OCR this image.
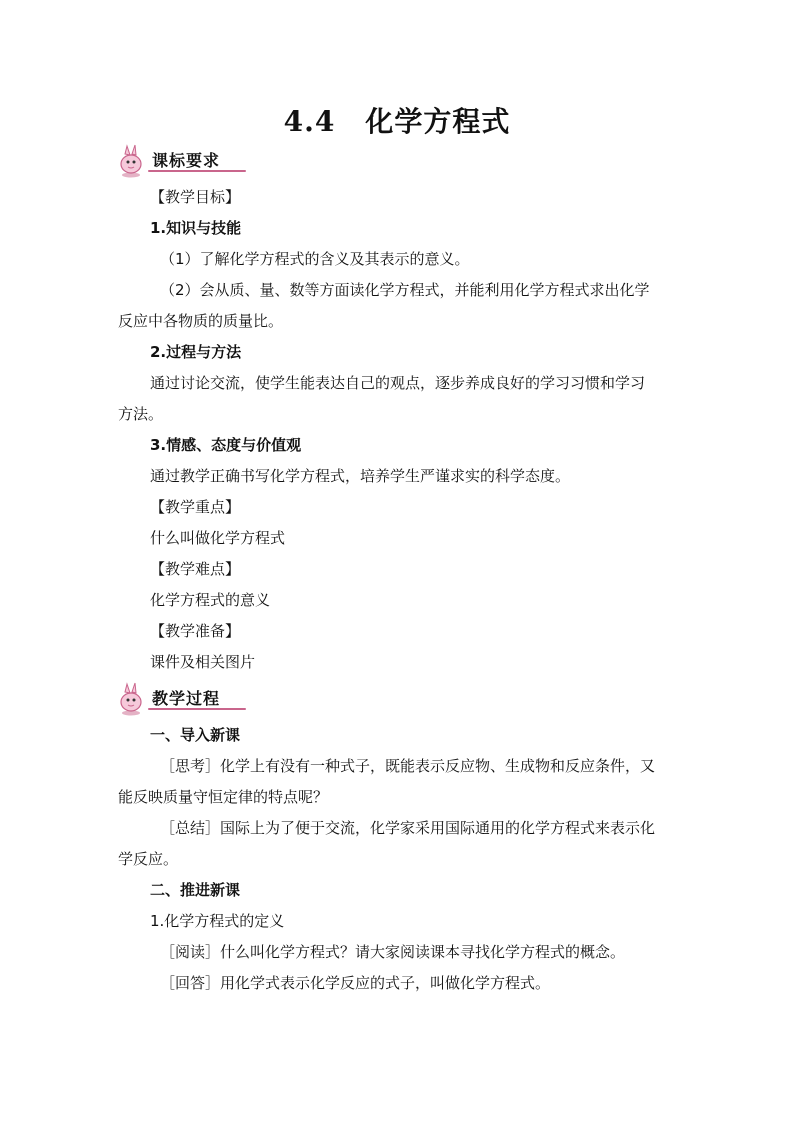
4.4 化学方程式
课标要求
【教学目标】
1.知识与技能
（1）了解化学方程式的含义及其表示的意义。
（2）会从质、量、数等方面读化学方程式，并能利用化学方程式求出化学
反应中各物质的质量比。
2.过程与方法
通过讨论交流，使学生能表达自己的观点，逐步养成良好的学习习惯和学习
方法。
3.情感、态度与价值观
通过教学正确书写化学方程式，培养学生严谨求实的科学态度。
【教学重点】
什么叫做化学方程式
【教学难点】
化学方程式的意义
【教学准备】
课件及相关图片
教学过程
一、导入新课
［思考］化学上有没有一种式子，既能表示反应物、生成物和反应条件，又
能反映质量守恒定律的特点呢？
［总结］国际上为了便于交流，化学家采用国际通用的化学方程式来表示化
学反应。
二、推进新课
1.化学方程式的定义
［阅读］什么叫化学方程式？请大家阅读课本寻找化学方程式的概念。
［回答］用化学式表示化学反应的式子，叫做化学方程式。
